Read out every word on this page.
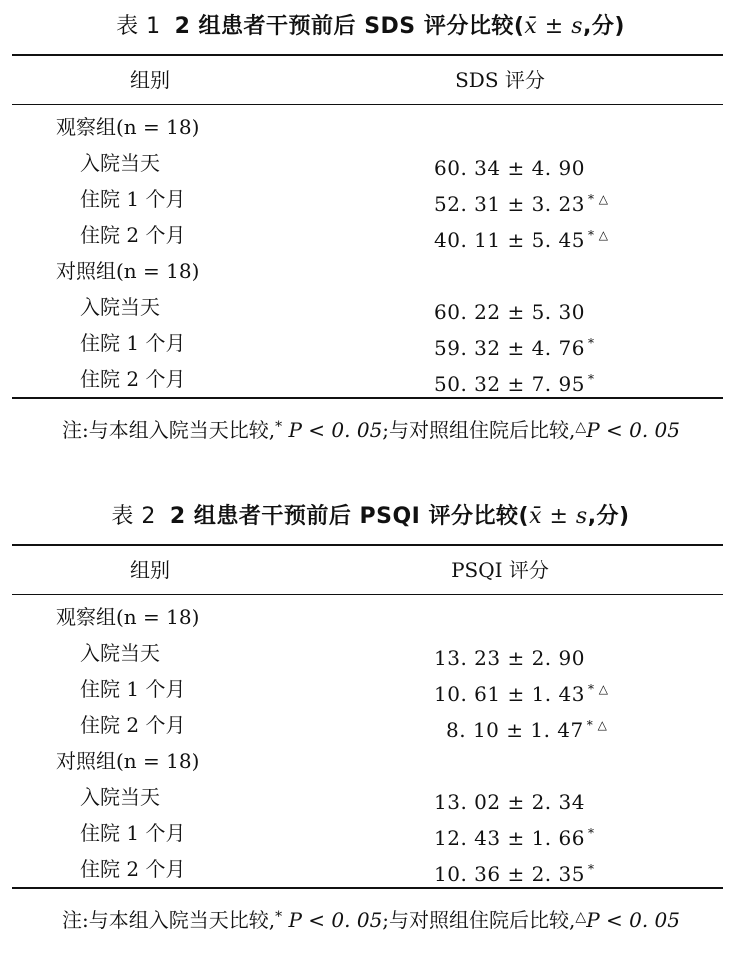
表 1 2 组患者干预前后 SDS 评分比较(x̄ ± s,分)
组别	SDS 评分
观察组(n = 18)
入院当天	60. 34 ± 4. 90
住院 1 个月	52. 31 ± 3. 23 * △
住院 2 个月	40. 11 ± 5. 45 * △
对照组(n = 18)
入院当天	60. 22 ± 5. 30
住院 1 个月	59. 32 ± 4. 76 *
住院 2 个月	50. 32 ± 7. 95 *
注:与本组入院当天比较,* P < 0. 05;与对照组住院后比较,△P < 0. 05
表 2 2 组患者干预前后 PSQI 评分比较(x̄ ± s,分)
组别	PSQI 评分
观察组(n = 18)
入院当天	13. 23 ± 2. 90
住院 1 个月	10. 61 ± 1. 43 * △
住院 2 个月	8. 10 ± 1. 47 * △
对照组(n = 18)
入院当天	13. 02 ± 2. 34
住院 1 个月	12. 43 ± 1. 66 *
住院 2 个月	10. 36 ± 2. 35 *
注:与本组入院当天比较,* P < 0. 05;与对照组住院后比较,△P < 0. 05
